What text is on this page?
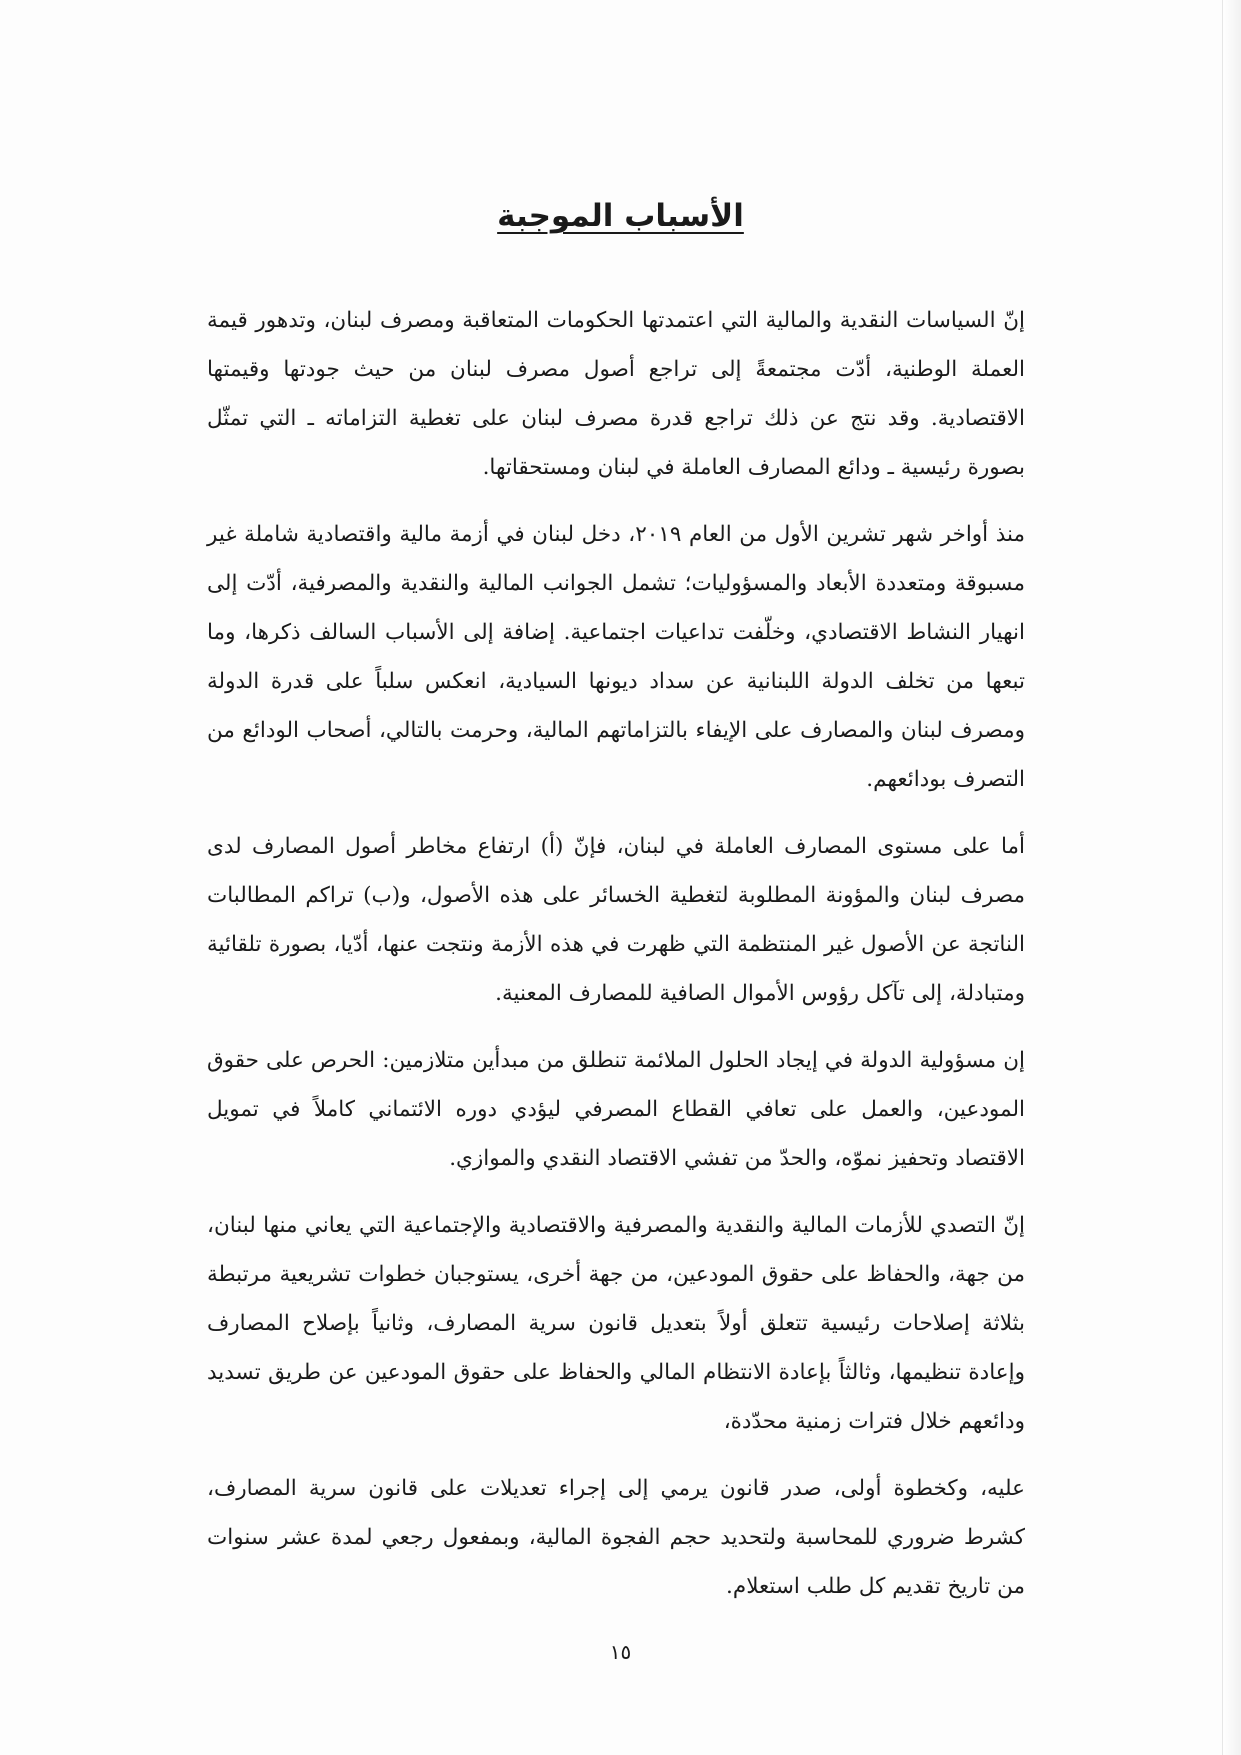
الأسباب الموجبة

إنّ السياسات النقدية والمالية التي اعتمدتها الحكومات المتعاقبة ومصرف لبنان، وتدهور قيمة العملة الوطنية، أدّت مجتمعةً إلى تراجع أصول مصرف لبنان من حيث جودتها وقيمتها الاقتصادية. وقد نتج عن ذلك تراجع قدرة مصرف لبنان على تغطية التزاماته ـ التي تمثّل بصورة رئيسية ـ ودائع المصارف العاملة في لبنان ومستحقاتها.

منذ أواخر شهر تشرين الأول من العام ٢٠١٩، دخل لبنان في أزمة مالية واقتصادية شاملة غير مسبوقة ومتعددة الأبعاد والمسؤوليات؛ تشمل الجوانب المالية والنقدية والمصرفية، أدّت إلى انهيار النشاط الاقتصادي، وخلّفت تداعيات اجتماعية. إضافة إلى الأسباب السالف ذكرها، وما تبعها من تخلف الدولة اللبنانية عن سداد ديونها السيادية، انعكس سلباً على قدرة الدولة ومصرف لبنان والمصارف على الإيفاء بالتزاماتهم المالية، وحرمت بالتالي، أصحاب الودائع من التصرف بودائعهم.

أما على مستوى المصارف العاملة في لبنان، فإنّ (أ) ارتفاع مخاطر أصول المصارف لدى مصرف لبنان والمؤونة المطلوبة لتغطية الخسائر على هذه الأصول، و(ب) تراكم المطالبات الناتجة عن الأصول غير المنتظمة التي ظهرت في هذه الأزمة ونتجت عنها، أدّيا، بصورة تلقائية ومتبادلة، إلى تآكل رؤوس الأموال الصافية للمصارف المعنية.

إن مسؤولية الدولة في إيجاد الحلول الملائمة تنطلق من مبدأين متلازمين: الحرص على حقوق المودعين، والعمل على تعافي القطاع المصرفي ليؤدي دوره الائتماني كاملاً في تمويل الاقتصاد وتحفيز نموّه، والحدّ من تفشي الاقتصاد النقدي والموازي.

إنّ التصدي للأزمات المالية والنقدية والمصرفية والاقتصادية والإجتماعية التي يعاني منها لبنان، من جهة، والحفاظ على حقوق المودعين، من جهة أخرى، يستوجبان خطوات تشريعية مرتبطة بثلاثة إصلاحات رئيسية تتعلق أولاً بتعديل قانون سرية المصارف، وثانياً بإصلاح المصارف وإعادة تنظيمها، وثالثاً بإعادة الانتظام المالي والحفاظ على حقوق المودعين عن طريق تسديد ودائعهم خلال فترات زمنية محدّدة،

عليه، وكخطوة أولى، صدر قانون يرمي إلى إجراء تعديلات على قانون سرية المصارف، كشرط ضروري للمحاسبة ولتحديد حجم الفجوة المالية، وبمفعول رجعي لمدة عشر سنوات من تاريخ تقديم كل طلب استعلام.

١٥
